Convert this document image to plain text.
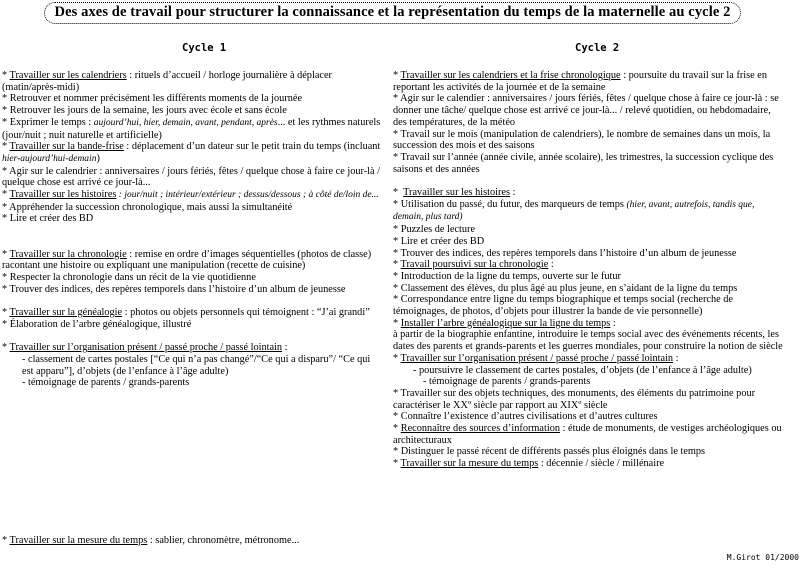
Des axes de travail pour structurer la connaissance et la représentation du temps de la maternelle au cycle 2
Cycle 1	Cycle 2

* Travailler sur les calendriers : rituels d’accueil / horloge journalière à déplacer (matin/après-midi)

* Retrouver et nommer précisément les différents moments de la journée

* Retrouver les jours de la semaine, les jours avec école et sans école

* Exprimer le temps : aujourd’hui, hier, demain, avant, pendant, après... et les rythmes naturels (jour/nuit ; nuit naturelle et artificielle)

* Travailler sur la bande-frise : déplacement d’un dateur sur le petit train du temps (incluant hier-aujourd’hui-demain)

* Agir sur le calendrier : anniversaires / jours fériés, fêtes / quelque chose à faire ce jour-là / quelque chose est arrivé ce jour-là...

* Travailler sur les histoires : jour/nuit ; intérieur/extérieur ; dessus/dessous ; à côté de/loin de...

* Appréhender la succession chronologique, mais aussi la simultanéité

* Lire et créer des BD

* Travailler sur la chronologie : remise en ordre d’images séquentielles (photos de classe) racontant une histoire ou expliquant une manipulation (recette de cuisine)

* Respecter la chronologie dans un récit de la vie quotidienne

* Trouver des indices, des repères temporels dans l’histoire d’un album de jeunesse

* Travailler sur la généalogie : photos ou objets personnels qui témoignent : “J’ai grandi”

* Élaboration de l’arbre généalogique, illustré

* Travailler sur l’organisation présent / passé proche / passé lointain :

- classement de cartes postales [“Ce qui n’a pas changé”/“Ce qui a disparu”/ “Ce qui est apparu”], d’objets (de l’enfance à l’âge adulte)

- témoignage de parents / grands-parents

* Travailler sur la mesure du temps : sablier, chronomètre, métronome...

* Travailler sur les calendriers et la frise chronologique : poursuite du travail sur la frise en reportant les activités de la journée et de la semaine

* Agir sur le calendier : anniversaires / jours fériés, fêtes / quelque chose à faire ce jour-là : se donner une tâche/ quelque chose est arrivé ce jour-là... / relevé quotidien, ou hebdomadaire, des températures, de la météo

* Travail sur le mois (manipulation de calendriers), le nombre de semaines dans un mois, la succession des mois et des saisons

* Travail sur l’année (année civile, année scolaire), les trimestres, la succession cyclique des saisons et des années

*  Travailler sur les histoires :

* Utilisation du passé, du futur, des marqueurs de temps (hier, avant, autrefois, tandis que, demain, plus tard)

* Puzzles de lecture

* Lire et créer des BD

* Trouver des indices, des repères temporels dans l’histoire d’un album de jeunesse

* Travail poursuivi sur la chronologie :

* Introduction de la ligne du temps, ouverte sur le futur

* Classement des élèves, du plus âgé au plus jeune, en s’aidant de la ligne du temps

* Correspondance entre ligne du temps biographique et temps social (recherche de témoignages, de photos, d’objets pour illustrer la bande de vie personnelle)

* Installer l’arbre généalogique sur la ligne du temps :

à partir de la biographie enfantine, introduire le temps social avec des événements récents, les dates des parents et grands-parents et les guerres mondiales, pour construire la notion de siècle

* Travailler sur l’organisation présent / passé proche / passé lointain :

- poursuivre le classement de cartes postales, d’objets (de l’enfance à l’âge adulte)

- témoignage de parents / grands-parents

* Travailler sur des objets techniques, des monuments, des éléments du patrimoine pour caractériser le XXº siècle par rapport au XIXº siècle

* Connaître l’existence d’autres civilisations et d’autres cultures

* Reconnaître des sources d’information : étude de monuments, de vestiges archéologiques ou architecturaux

* Distinguer le passé récent de différents passés plus éloignés dans le temps

* Travailler sur la mesure du temps : décennie / siècle / millénaire

M.Girot 01/2000
